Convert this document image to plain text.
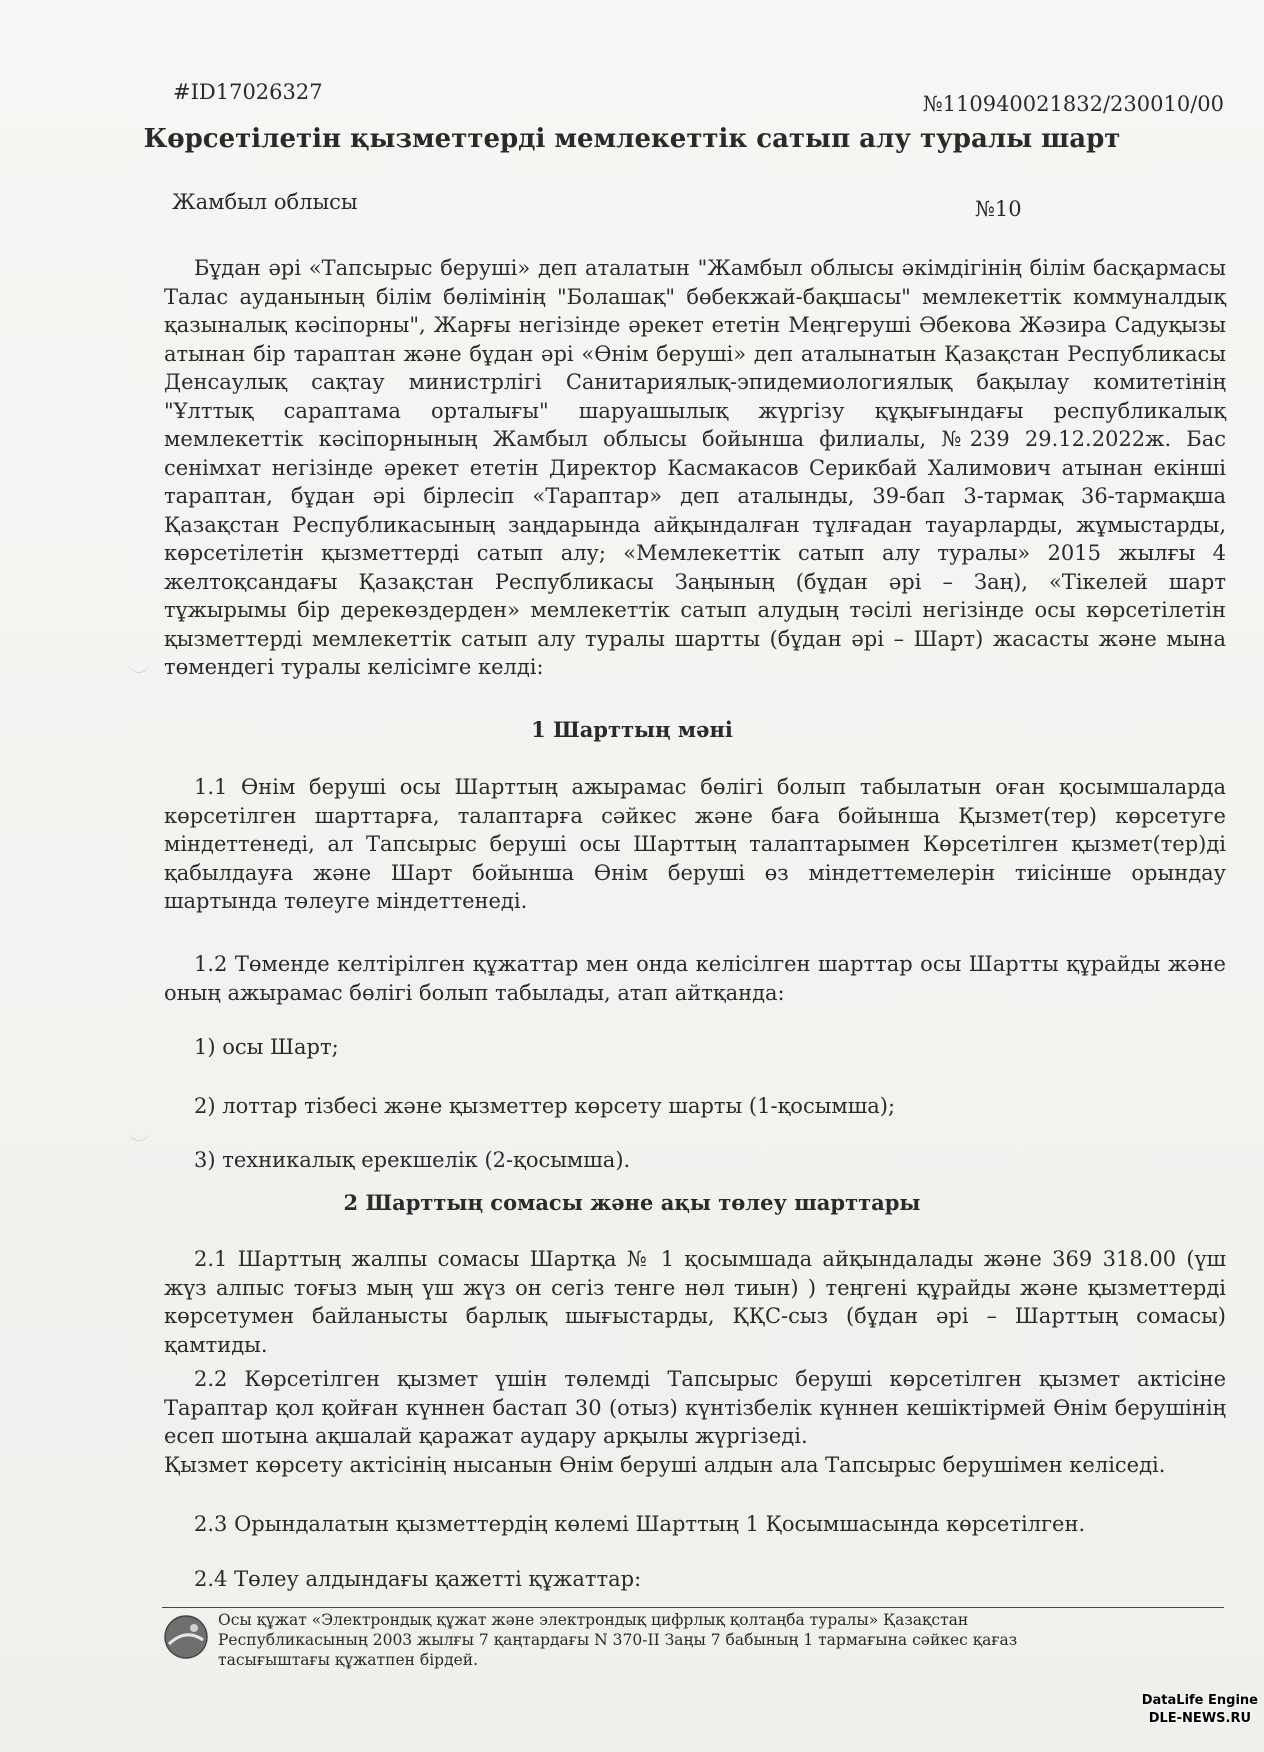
#ID17026327	№110940021832/230010/00
Көрсетілетін қызметтерді мемлекеттік сатып алу туралы шарт
Жамбыл облысы	№10

Бұдан әрі «Тапсырыс беруші» деп аталатын "Жамбыл облысы әкімдігінің білім басқармасы Талас ауданының білім бөлімінің "Болашақ" бөбекжай-бақшасы" мемлекеттік коммуналдық қазыналық кәсіпорны", Жарғы негізінде әрекет ететін Меңгеруші Әбекова Жәзира Садуқызы атынан бір тараптан және бұдан әрі «Өнім беруші» деп аталынатын Қазақстан Республикасы Денсаулық сақтау министрлігі Санитариялық-эпидемиологиялық бақылау комитетінің "Ұлттық сараптама орталығы" шаруашылық жүргізу құқығындағы республикалық мемлекеттік кәсіпорнының Жамбыл облысы бойынша филиалы, №239 29.12.2022ж. Бас сенімхат негізінде әрекет ететін Директор Касмакасов Серикбай Халимович атынан екінші тараптан, бұдан әрі бірлесіп «Тараптар» деп аталынды, 39-бап 3-тармақ 36-тармақша Қазақстан Республикасының заңдарында айқындалған тұлғадан тауарларды, жұмыстарды, көрсетілетін қызметтерді сатып алу; «Мемлекеттік сатып алу туралы» 2015 жылғы 4 желтоқсандағы Қазақстан Республикасы Заңының (бұдан әрі – Заң), «Тікелей шарт тұжырымы бір дерекөздерден» мемлекеттік сатып алудың тәсілі негізінде осы көрсетілетін қызметтерді мемлекеттік сатып алу туралы шартты (бұдан әрі – Шарт) жасасты және мына төмендегі туралы келісімге келді:

1 Шарттың мәні

1.1 Өнім беруші осы Шарттың ажырамас бөлігі болып табылатын оған қосымшаларда көрсетілген шарттарға, талаптарға сәйкес және баға бойынша Қызмет(тер) көрсетуге міндеттенеді, ал Тапсырыс беруші осы Шарттың талаптарымен Көрсетілген қызмет(тер)ді қабылдауға және Шарт бойынша Өнім беруші өз міндеттемелерін тиісінше орындау шартында төлеуге міндеттенеді.

1.2 Төменде келтірілген құжаттар мен онда келісілген шарттар осы Шартты құрайды және оның ажырамас бөлігі болып табылады, атап айтқанда:

1) осы Шарт;
2) лоттар тізбесі және қызметтер көрсету шарты (1-қосымша);
3) техникалық ерекшелік (2-қосымша).
2 Шарттың сомасы және ақы төлеу шарттары

2.1 Шарттың жалпы сомасы Шартқа № 1 қосымшада айқындалады және 369 318.00 (үш жүз алпыс тоғыз мың үш жүз он сегіз тенге нөл тиын) ) теңгені құрайды және қызметтерді көрсетумен байланысты барлық шығыстарды, ҚҚС-сыз (бұдан әрі – Шарттың сомасы) қамтиды.

2.2 Көрсетілген қызмет үшін төлемді Тапсырыс беруші көрсетілген қызмет актісіне Тараптар қол қойған күннен бастап 30 (отыз) күнтізбелік күннен кешіктірмей Өнім берушінің есеп шотына ақшалай қаражат аудару арқылы жүргізеді.

Қызмет көрсету актісінің нысанын Өнім беруші алдын ала Тапсырыс берушімен келіседі.

2.3 Орындалатын қызметтердің көлемі Шарттың 1 Қосымшасында көрсетілген.

2.4 Төлеу алдындағы қажетті құжаттар:

Осы құжат «Электрондық құжат және электрондық цифрлық қолтаңба туралы» Қазақстан Республикасының 2003 жылғы 7 қаңтардағы N 370-II Заңы 7 бабының 1 тармағына сәйкес қағаз тасығыштағы құжатпен бірдей.
DataLife Engine
DLE-NEWS.RU
